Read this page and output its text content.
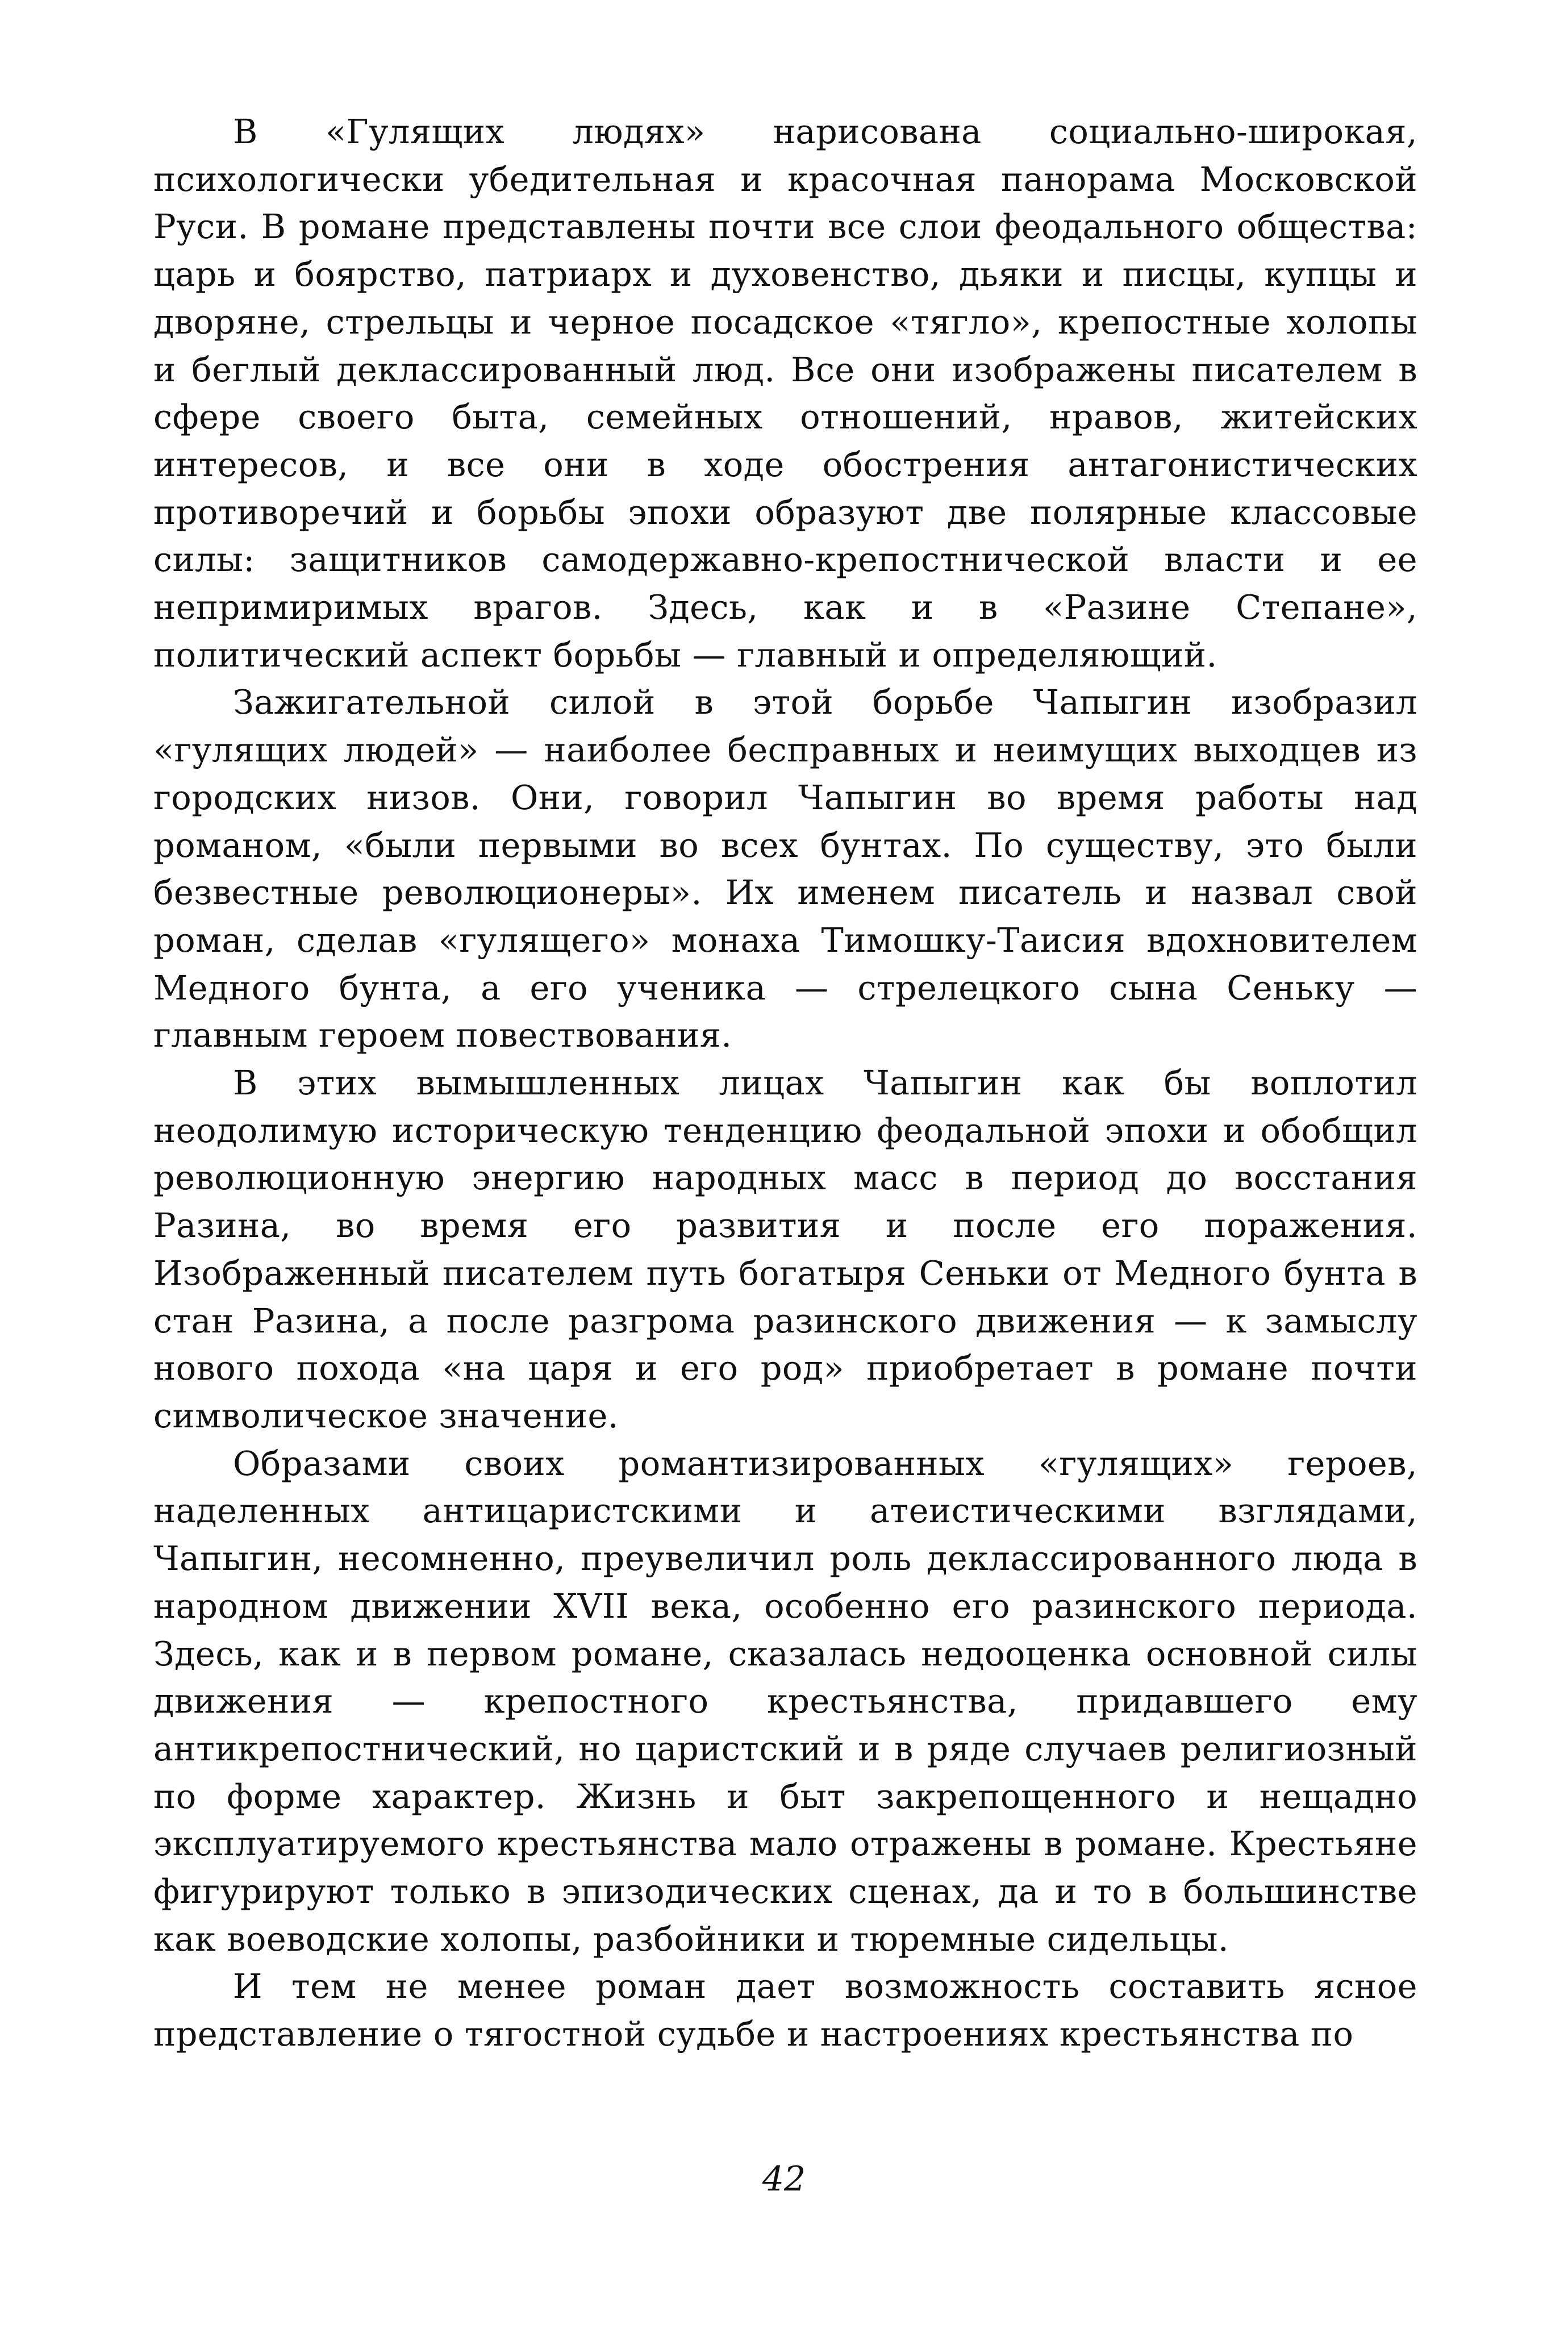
В «Гулящих людях» нарисована социально-широкая, психологически убедительная и красочная панорама Московской Руси. В романе представлены почти все слои феодального общества: царь и боярство, патриарх и духовенство, дьяки и писцы, купцы и дворяне, стрельцы и черное посадское «тягло», крепостные холопы и беглый деклассированный люд. Все они изображены писателем в сфере своего быта, семейных отношений, нравов, житейских интересов, и все они в ходе обострения антагонистических противоречий и борьбы эпохи образуют две полярные классовые силы: защитников самодержавно-крепостнической власти и ее непримиримых врагов. Здесь, как и в «Разине Степане», политический аспект борьбы — главный и определяющий.

Зажигательной силой в этой борьбе Чапыгин изобразил «гулящих людей» — наиболее бесправных и неимущих выходцев из городских низов. Они, говорил Чапыгин во время работы над романом, «были первыми во всех бунтах. По существу, это были безвестные революционеры». Их именем писатель и назвал свой роман, сделав «гулящего» монаха Тимошку-Таисия вдохновителем Медного бунта, а его ученика — стрелецкого сына Сеньку — главным героем повествования.

В этих вымышленных лицах Чапыгин как бы воплотил неодолимую историческую тенденцию феодальной эпохи и обобщил революционную энергию народных масс в период до восстания Разина, во время его развития и после его поражения. Изображенный писателем путь богатыря Сеньки от Медного бунта в стан Разина, а после разгрома разинского движения — к замыслу нового похода «на царя и его род» приобретает в романе почти символическое значение.

Образами своих романтизированных «гулящих» героев, наделенных антицаристскими и атеистическими взглядами, Чапыгин, несомненно, преувеличил роль деклассированного люда в народном движении XVII века, особенно его разинского периода. Здесь, как и в первом романе, сказалась недооценка основной силы движения — крепостного крестьянства, придавшего ему антикрепостнический, но царистский и в ряде случаев религиозный по форме характер. Жизнь и быт закрепощенного и нещадно эксплуатируемого крестьянства мало отражены в романе. Крестьяне фигурируют только в эпизодических сценах, да и то в большинстве как воеводские холопы, разбойники и тюремные сидельцы.

И тем не менее роман дает возможность составить ясное представление о тягостной судьбе и настроениях крестьянства по

42
